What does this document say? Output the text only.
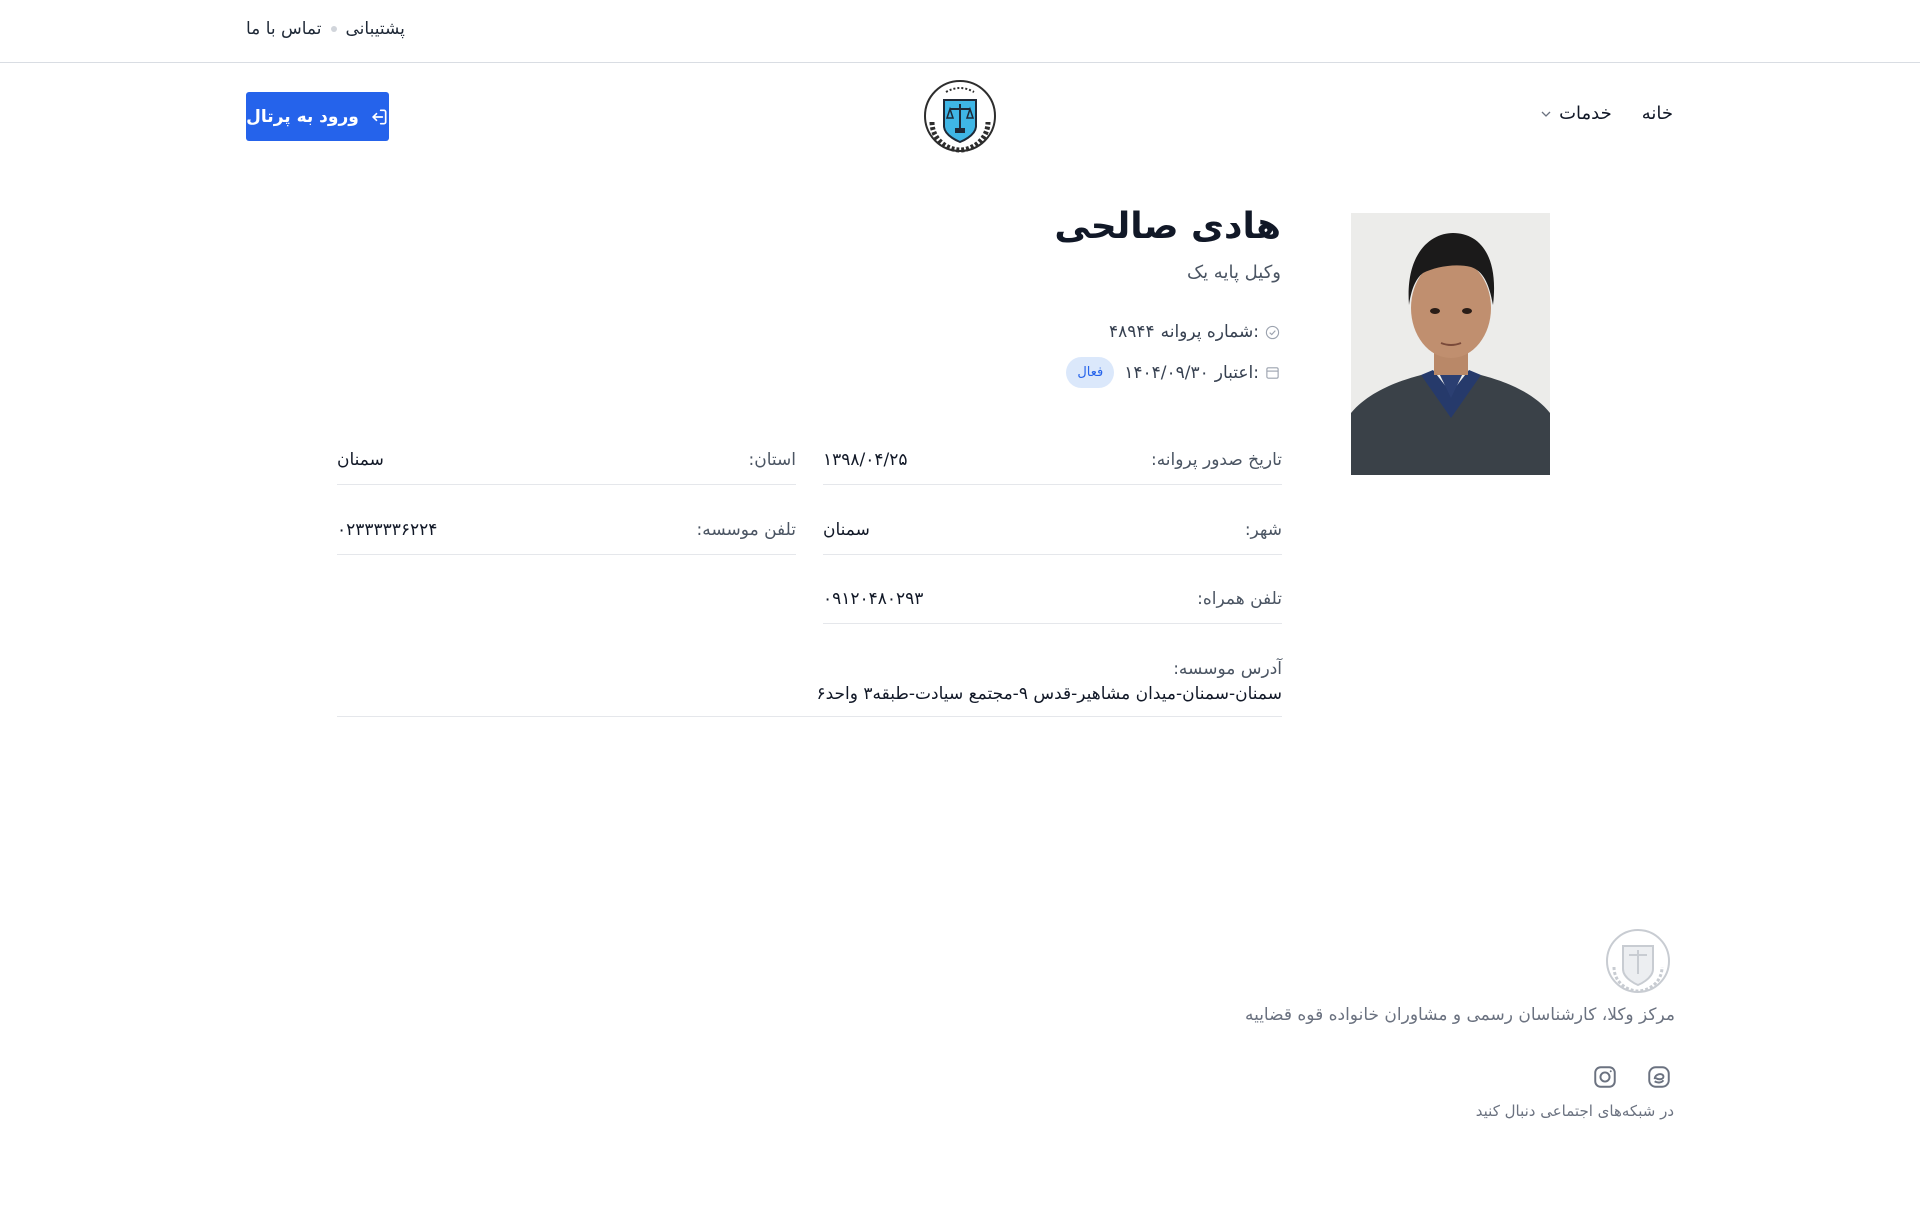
پشتیبانی
تماس با ما
ورود به پرتال	خانه
خدمات
هادی صالحی
وکیل پایه یک
شماره پروانه:
۴۸۹۴۴
اعتبار:
۱۴۰۴/۰۹/۳۰
فعال
تاریخ صدور پروانه:
۱۳۹۸/۰۴/۲۵
استان:
سمنان
شهر:
سمنان
تلفن موسسه:
۰۲۳۳۳۳۳۶۲۲۴
تلفن همراه:
۰۹۱۲۰۴۸۰۲۹۳
آدرس موسسه:
سمنان-سمنان-میدان مشاهیر-قدس ۹-مجتمع سیادت-طبقه۳ واحد۶
مرکز وکلا، کارشناسان رسمی و مشاوران خانواده قوه قضاییه
در شبکه‌های اجتماعی دنبال کنید
